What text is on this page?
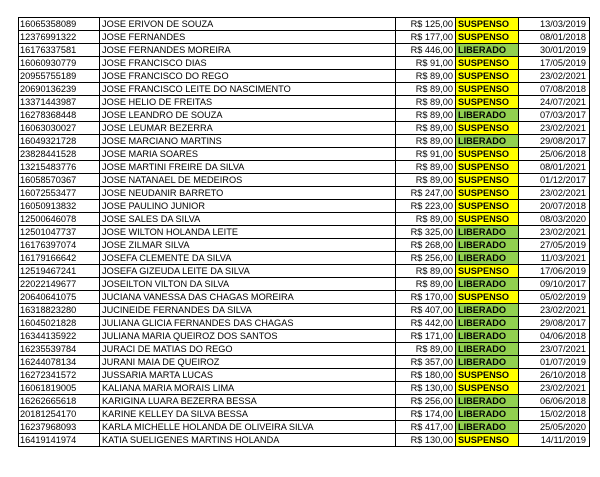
16065358089	JOSE ERIVON DE SOUZA	R$ 125,00	SUSPENSO	13/03/2019
12376991322	JOSE FERNANDES	R$ 177,00	SUSPENSO	08/01/2018
16176337581	JOSE FERNANDES MOREIRA	R$ 446,00	LIBERADO	30/01/2019
16060930779	JOSE FRANCISCO DIAS	R$ 91,00	SUSPENSO	17/05/2019
20955755189	JOSE FRANCISCO DO REGO	R$ 89,00	SUSPENSO	23/02/2021
20690136239	JOSE FRANCISCO LEITE DO NASCIMENTO	R$ 89,00	SUSPENSO	07/08/2018
13371443987	JOSE HELIO DE FREITAS	R$ 89,00	SUSPENSO	24/07/2021
16278368448	JOSE LEANDRO DE SOUZA	R$ 89,00	LIBERADO	07/03/2017
16063030027	JOSE LEUMAR BEZERRA	R$ 89,00	SUSPENSO	23/02/2021
16049321728	JOSE MARCIANO MARTINS	R$ 89,00	LIBERADO	29/08/2017
23828441528	JOSE MARIA SOARES	R$ 91,00	SUSPENSO	25/06/2018
13215483776	JOSE MARTINI FREIRE DA SILVA	R$ 89,00	SUSPENSO	08/01/2021
16058570367	JOSE NATANAEL DE MEDEIROS	R$ 89,00	SUSPENSO	01/12/2017
16072553477	JOSE NEUDANIR BARRETO	R$ 247,00	SUSPENSO	23/02/2021
16050913832	JOSE PAULINO JUNIOR	R$ 223,00	SUSPENSO	20/07/2018
12500646078	JOSE SALES DA SILVA	R$ 89,00	SUSPENSO	08/03/2020
12501047737	JOSE WILTON HOLANDA LEITE	R$ 325,00	LIBERADO	23/02/2021
16176397074	JOSE ZILMAR SILVA	R$ 268,00	LIBERADO	27/05/2019
16179166642	JOSEFA CLEMENTE DA SILVA	R$ 256,00	LIBERADO	11/03/2021
12519467241	JOSEFA GIZEUDA LEITE DA SILVA	R$ 89,00	SUSPENSO	17/06/2019
22022149677	JOSEILTON VILTON DA SILVA	R$ 89,00	LIBERADO	09/10/2017
20640641075	JUCIANA VANESSA DAS CHAGAS MOREIRA	R$ 170,00	SUSPENSO	05/02/2019
16318823280	JUCINEIDE FERNANDES DA SILVA	R$ 407,00	LIBERADO	23/02/2021
16045021828	JULIANA GLICIA FERNANDES DAS CHAGAS	R$ 442,00	LIBERADO	29/08/2017
16344135922	JULIANA MARIA QUEIROZ DOS SANTOS	R$ 171,00	LIBERADO	04/06/2018
16235539784	JURACI DE MATIAS DO REGO	R$ 89,00	LIBERADO	23/07/2021
16244078134	JURANI MAIA DE QUEIROZ	R$ 357,00	LIBERADO	01/07/2019
16272341572	JUSSARIA MARTA LUCAS	R$ 180,00	SUSPENSO	26/10/2018
16061819005	KALIANA MARIA MORAIS LIMA	R$ 130,00	SUSPENSO	23/02/2021
16262665618	KARIGINA LUARA BEZERRA BESSA	R$ 256,00	LIBERADO	06/06/2018
20181254170	KARINE KELLEY DA SILVA BESSA	R$ 174,00	LIBERADO	15/02/2018
16237968093	KARLA MICHELLE HOLANDA DE OLIVEIRA SILVA	R$ 417,00	LIBERADO	25/05/2020
16419141974	KATIA SUELIGENES MARTINS HOLANDA	R$ 130,00	SUSPENSO	14/11/2019
